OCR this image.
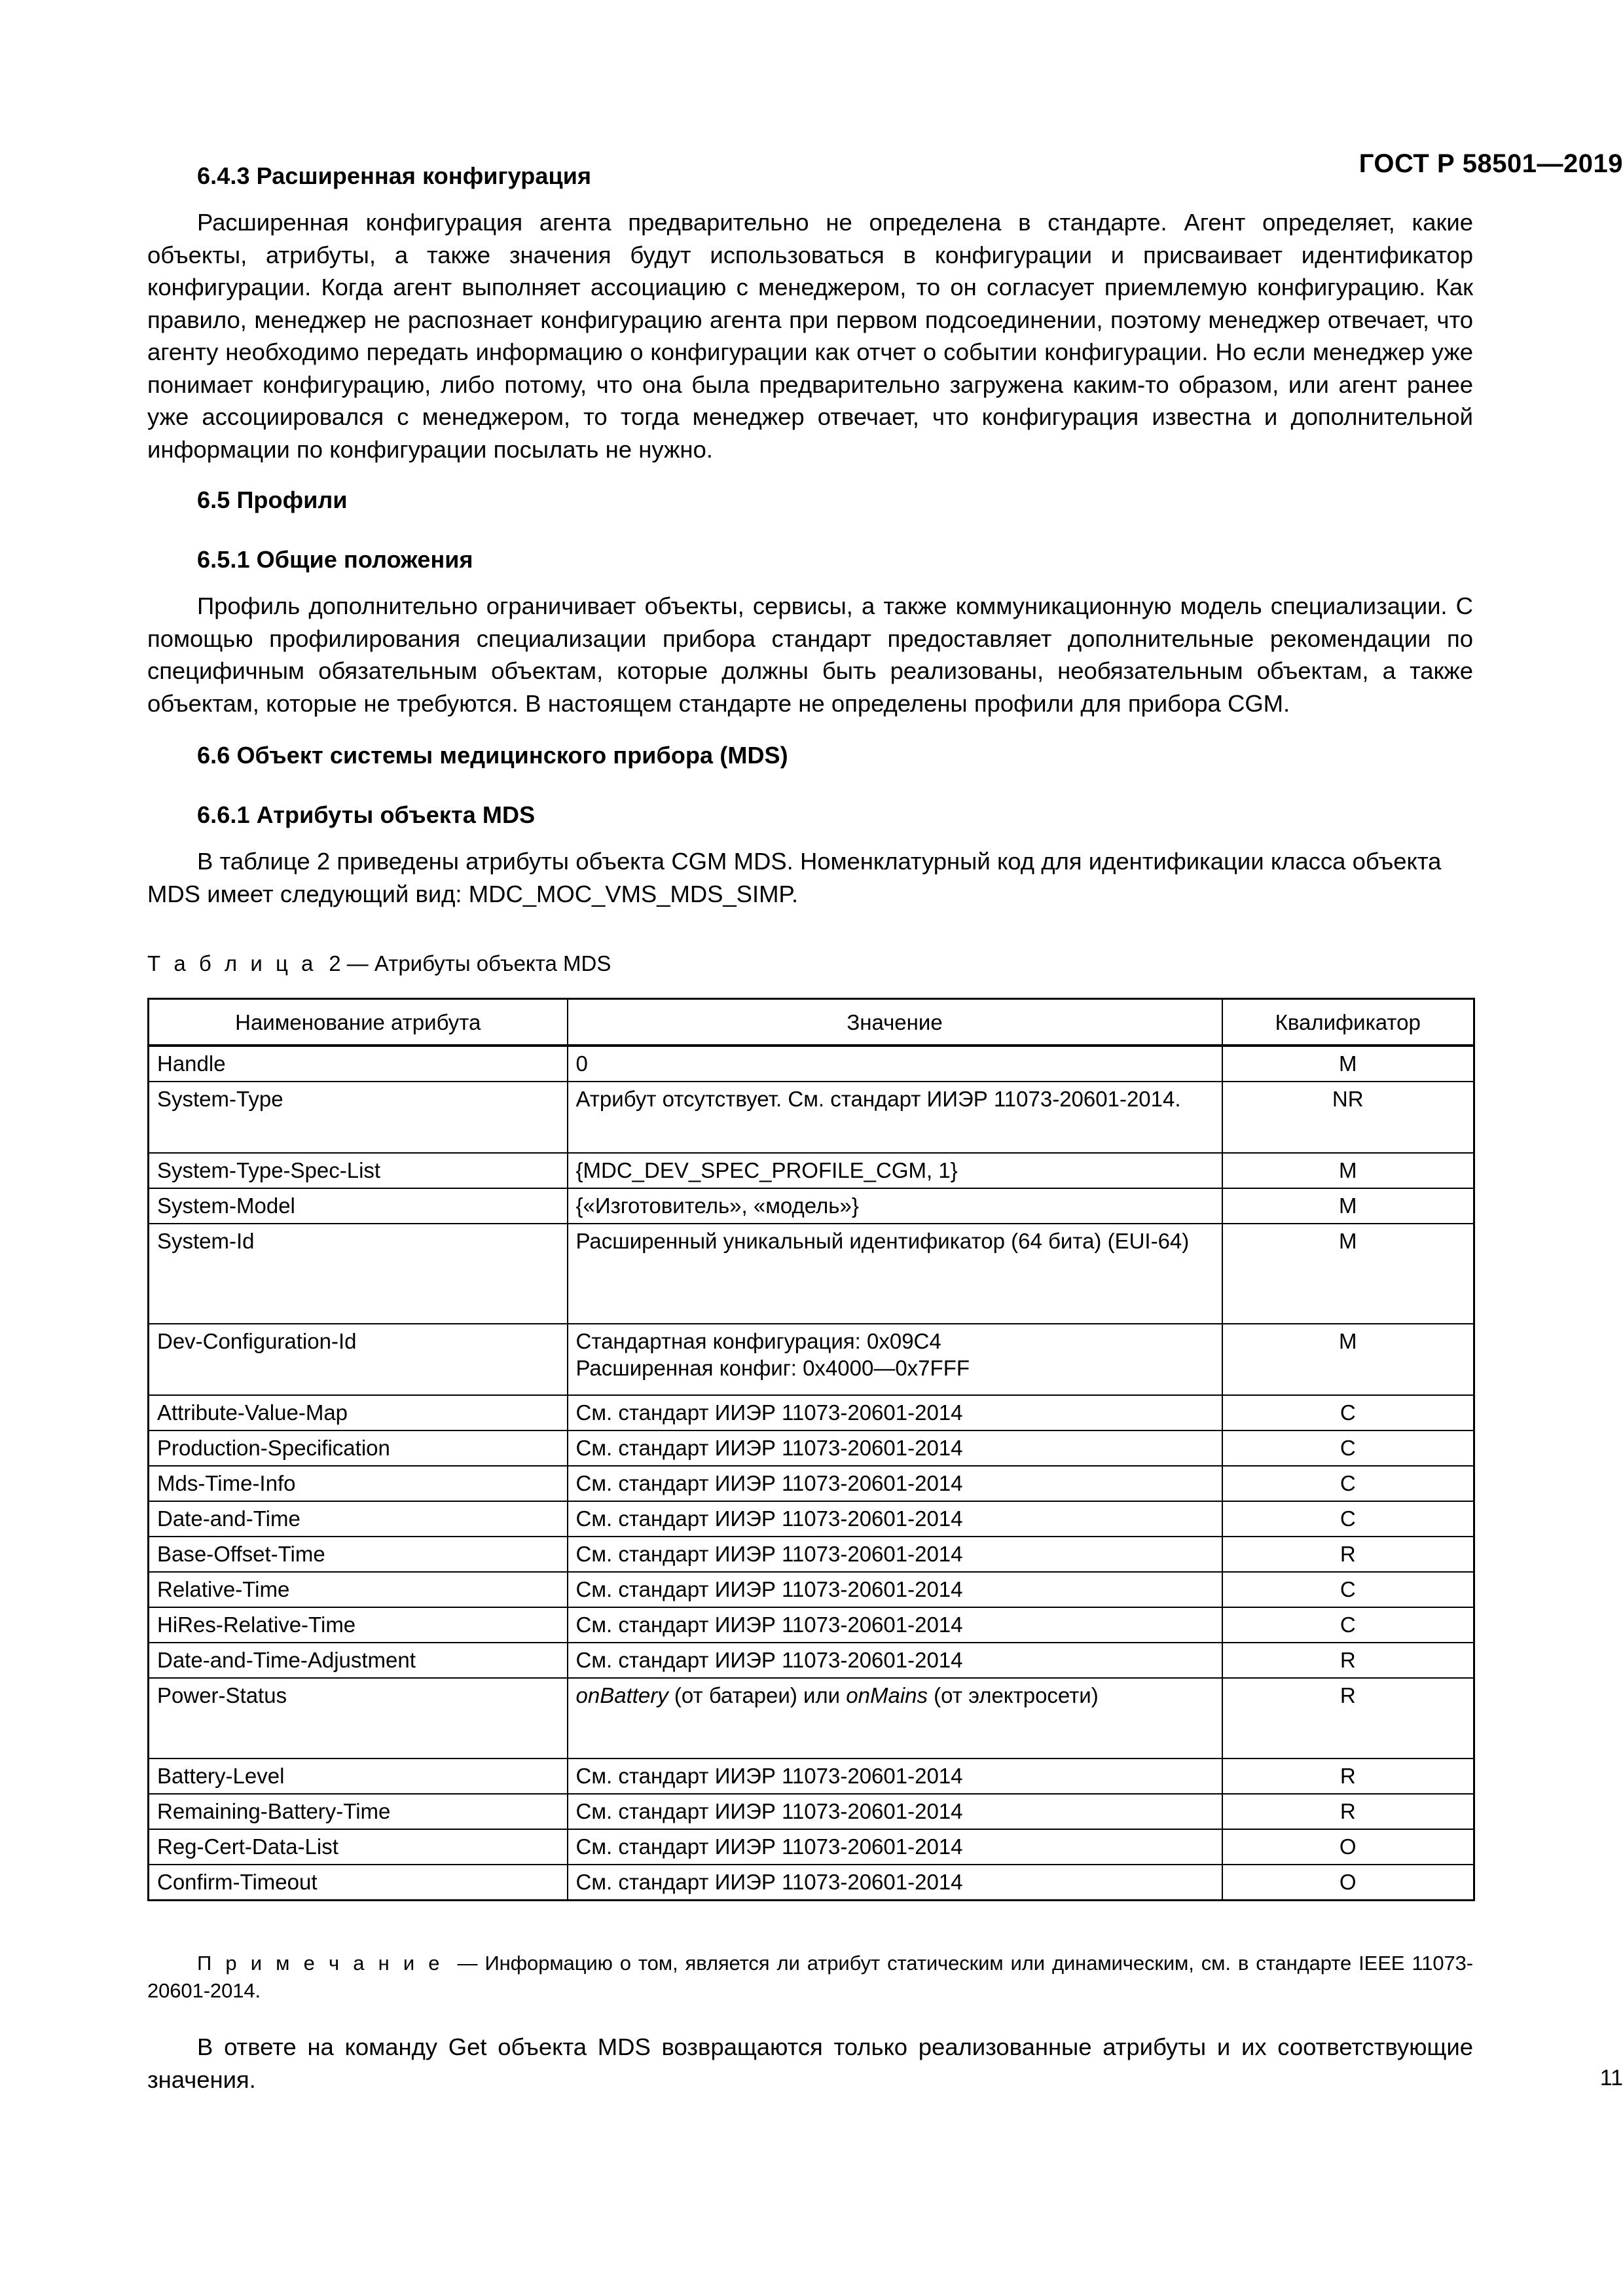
ГОСТ Р 58501—2019
6.4.3 Расширенная конфигурация

Расширенная конфигурация агента предварительно не определена в стандарте. Агент определяет, какие объекты, атрибуты, а также значения будут использоваться в конфигурации и присваивает идентификатор конфигурации. Когда агент выполняет ассоциацию с менеджером, то он согласует приемлемую конфигурацию. Как правило, менеджер не распознает конфигурацию агента при первом подсоединении, поэтому менеджер отвечает, что агенту необходимо передать информацию о конфигурации как отчет о событии конфигурации. Но если менеджер уже понимает конфигурацию, либо потому, что она была предварительно загружена каким-то образом, или агент ранее уже ассоциировался с менеджером, то тогда менеджер отвечает, что конфигурация известна и дополнительной информации по конфигурации посылать не нужно.

6.5 Профили
6.5.1 Общие положения

Профиль дополнительно ограничивает объекты, сервисы, а также коммуникационную модель специализации. С помощью профилирования специализации прибора стандарт предоставляет дополнительные рекомендации по специфичным обязательным объектам, которые должны быть реализованы, необязательным объектам, а также объектам, которые не требуются. В настоящем стандарте не определены профили для прибора CGM.

6.6 Объект системы медицинского прибора (MDS)
6.6.1 Атрибуты объекта MDS

В таблице 2 приведены атрибуты объекта CGM MDS. Номенклатурный код для идентификации класса объекта MDS имеет следующий вид: MDC_MOC_VMS_MDS_SIMP.

Т а б л и ц а 2 — Атрибуты объекта MDS
Наименование атрибута	Значение	Квалификатор
Handle	0	M
System-Type	Атрибут отсутствует. См. стандарт ИИЭР 11073-20601-2014.	NR
System-Type-Spec-List	{MDC_DEV_SPEC_PROFILE_CGM, 1}	M
System-Model	{«Изготовитель», «модель»}	M
System-Id	Расширенный уникальный идентификатор (64 бита) (EUI-64)	M
Dev-Configuration-Id	Стандартная конфигурация: 0x09C4
Расширенная конфиг: 0x4000—0x7FFF	M
Attribute-Value-Map	См. стандарт ИИЭР 11073-20601-2014	C
Production-Specification	См. стандарт ИИЭР 11073-20601-2014	C
Mds-Time-Info	См. стандарт ИИЭР 11073-20601-2014	C
Date-and-Time	См. стандарт ИИЭР 11073-20601-2014	C
Base-Offset-Time	См. стандарт ИИЭР 11073-20601-2014	R
Relative-Time	См. стандарт ИИЭР 11073-20601-2014	C
HiRes-Relative-Time	См. стандарт ИИЭР 11073-20601-2014	C
Date-and-Time-Adjustment	См. стандарт ИИЭР 11073-20601-2014	R
Power-Status	onBattery (от батареи) или onMains (от электросети)	R
Battery-Level	См. стандарт ИИЭР 11073-20601-2014	R
Remaining-Battery-Time	См. стандарт ИИЭР 11073-20601-2014	R
Reg-Cert-Data-List	См. стандарт ИИЭР 11073-20601-2014	O
Confirm-Timeout	См. стандарт ИИЭР 11073-20601-2014	O

П р и м е ч а н и е — Информацию о том, является ли атрибут статическим или динамическим, см. в стандарте IEEE 11073-20601-2014.

В ответе на команду Get объекта MDS возвращаются только реализованные атрибуты и их соответствующие значения.	11
